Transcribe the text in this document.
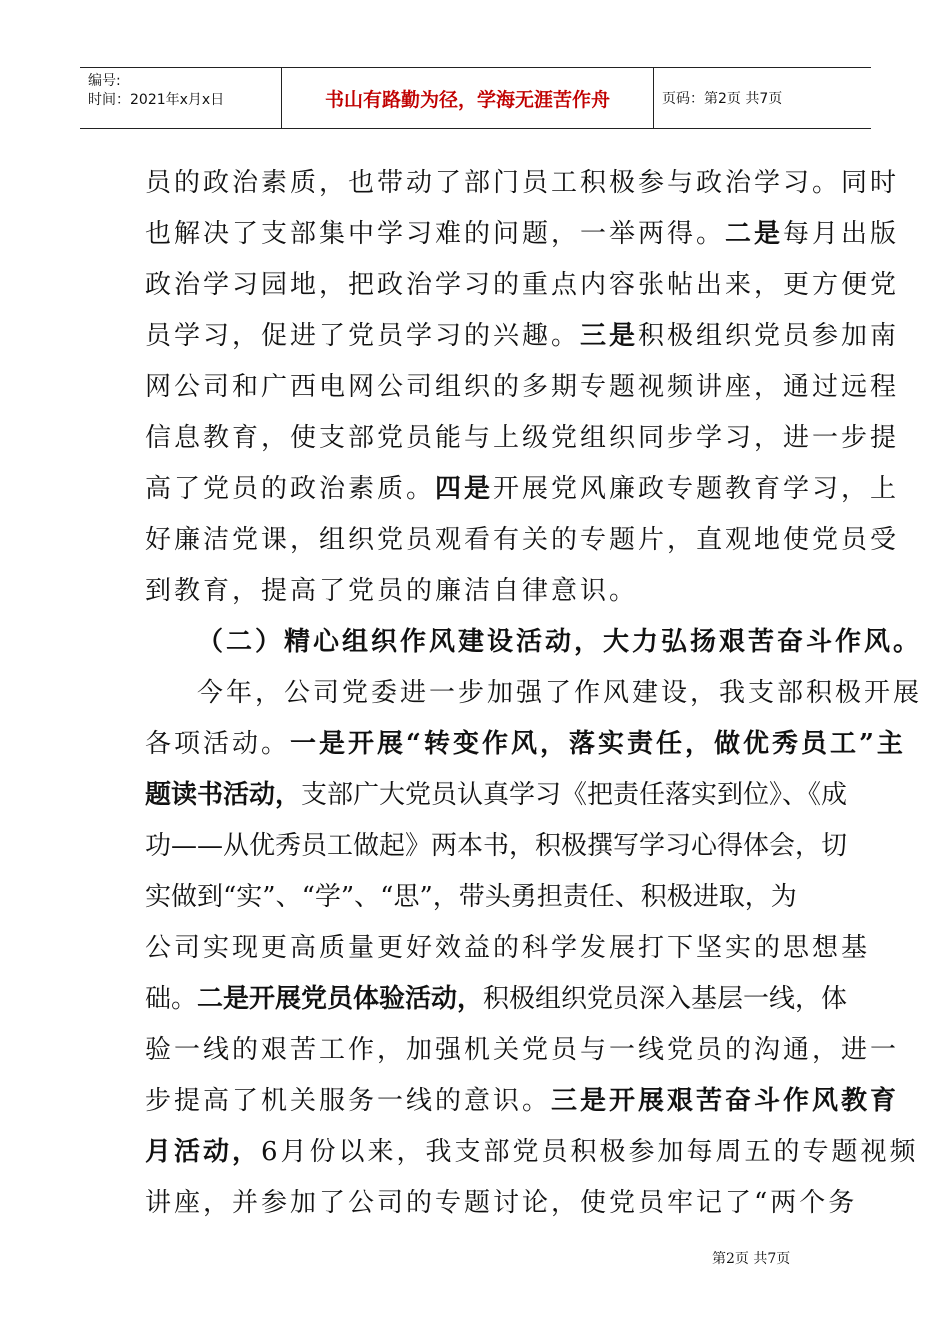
编号:
时间：2021年x月x日	书山有路勤为径，学海无涯苦作舟	页码：第2页 共7页
员的政治素质，也带动了部门员工积极参与政治学习。同时
也解决了支部集中学习难的问题，一举两得。二是每月出版
政治学习园地，把政治学习的重点内容张帖出来，更方便党
员学习，促进了党员学习的兴趣。三是积极组织党员参加南
网公司和广西电网公司组织的多期专题视频讲座，通过远程
信息教育，使支部党员能与上级党组织同步学习，进一步提
高了党员的政治素质。四是开展党风廉政专题教育学习，上
好廉洁党课，组织党员观看有关的专题片，直观地使党员受
到教育，提高了党员的廉洁自律意识。
（二）精心组织作风建设活动，大力弘扬艰苦奋斗作风。
今年，公司党委进一步加强了作风建设，我支部积极开展
各项活动。一是开展“转变作风，落实责任，做优秀员工”主
题读书活动，支部广大党员认真学习《把责任落实到位》、《成
功——从优秀员工做起》两本书，积极撰写学习心得体会，切
实做到“实”、“学”、“思”，带头勇担责任、积极进取，为
公司实现更高质量更好效益的科学发展打下坚实的思想基
础。二是开展党员体验活动，积极组织党员深入基层一线，体
验一线的艰苦工作，加强机关党员与一线党员的沟通，进一
步提高了机关服务一线的意识。三是开展艰苦奋斗作风教育
月活动，6月份以来，我支部党员积极参加每周五的专题视频
讲座，并参加了公司的专题讨论，使党员牢记了“两个务
第2页 共7页
